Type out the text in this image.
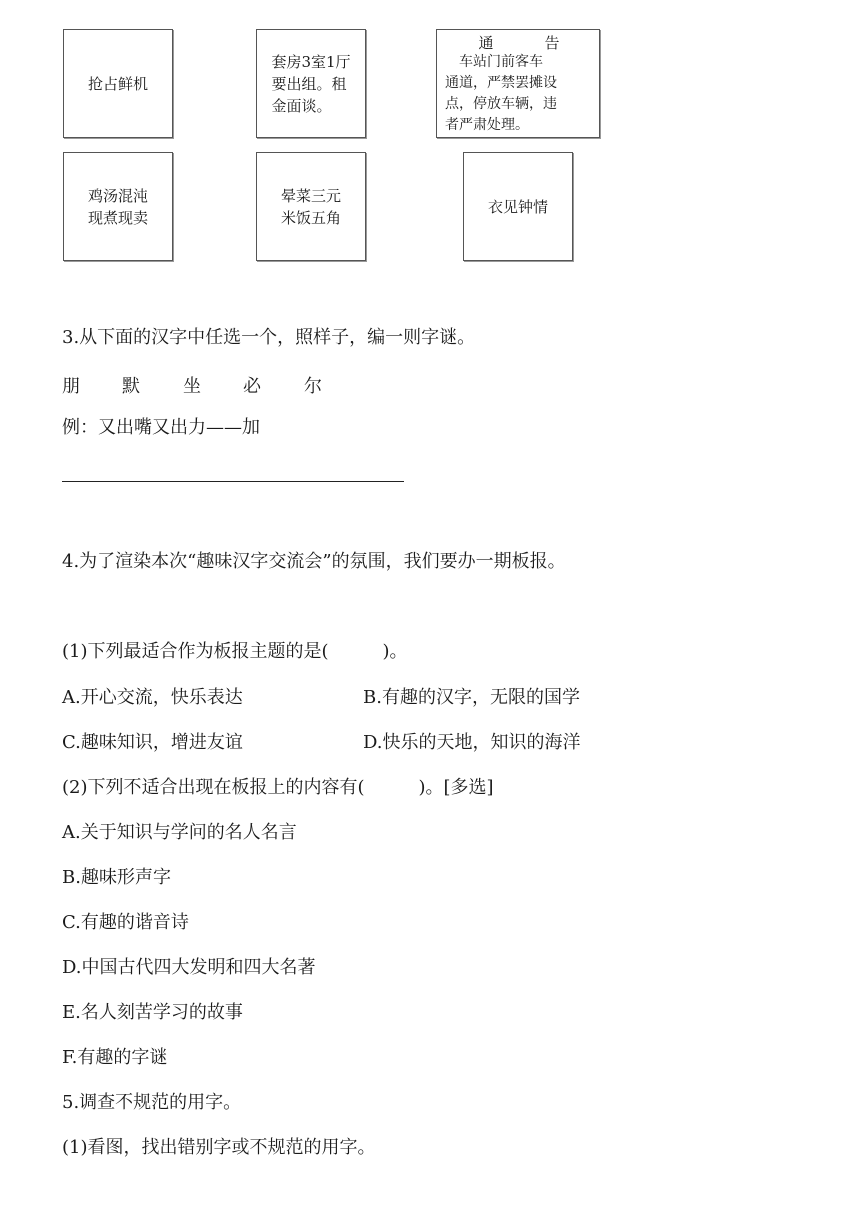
抢占鲜机
套房3室1厅
要出组。租
金面谈。
通　告
　车站门前客车
通道，严禁罢摊设
点，停放车辆，违
者严肃处理。
鸡汤混沌
现煮现卖
晕菜三元
米饭五角
衣见钟情
3.从下面的汉字中任选一个，照样子，编一则字谜。
朋 默 坐 必 尔
例：又出嘴又出力——加
4.为了渲染本次“趣味汉字交流会”的氛围，我们要办一期板报。
(1)下列最适合作为板报主题的是(　　　)。
A.开心交流，快乐表达	B.有趣的汉字，无限的国学
C.趣味知识，增进友谊	D.快乐的天地，知识的海洋
(2)下列不适合出现在板报上的内容有(　　　)。[多选]
A.关于知识与学问的名人名言
B.趣味形声字
C.有趣的谐音诗
D.中国古代四大发明和四大名著
E.名人刻苦学习的故事
F.有趣的字谜
5.调查不规范的用字。
(1)看图，找出错别字或不规范的用字。
